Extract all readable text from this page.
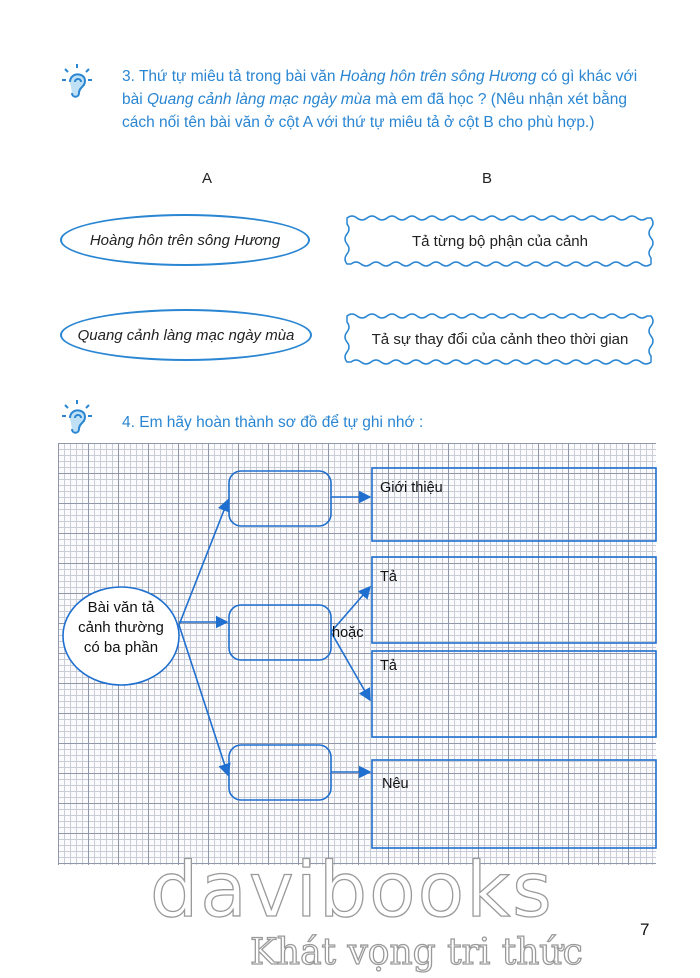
3. Thứ tự miêu tả trong bài văn Hoàng hôn trên sông Hương có gì khác với bài Quang cảnh làng mạc ngày mùa mà em đã học ? (Nêu nhận xét bằng cách nối tên bài văn ở cột A với thứ tự miêu tả ở cột B cho phù hợp.)
A	B
Hoàng hôn trên sông Hương
Quang cảnh làng mạc ngày mùa
Tả từng bộ phận của cảnh
Tả sự thay đổi của cảnh theo thời gian
4. Em hãy hoàn thành sơ đồ để tự ghi nhớ :
Bài văn tả
cảnh thường
có ba phần
hoặc
Giới thiệu
Tả
Tả
Nêu
davibooks
Khát vọng tri thức
7
